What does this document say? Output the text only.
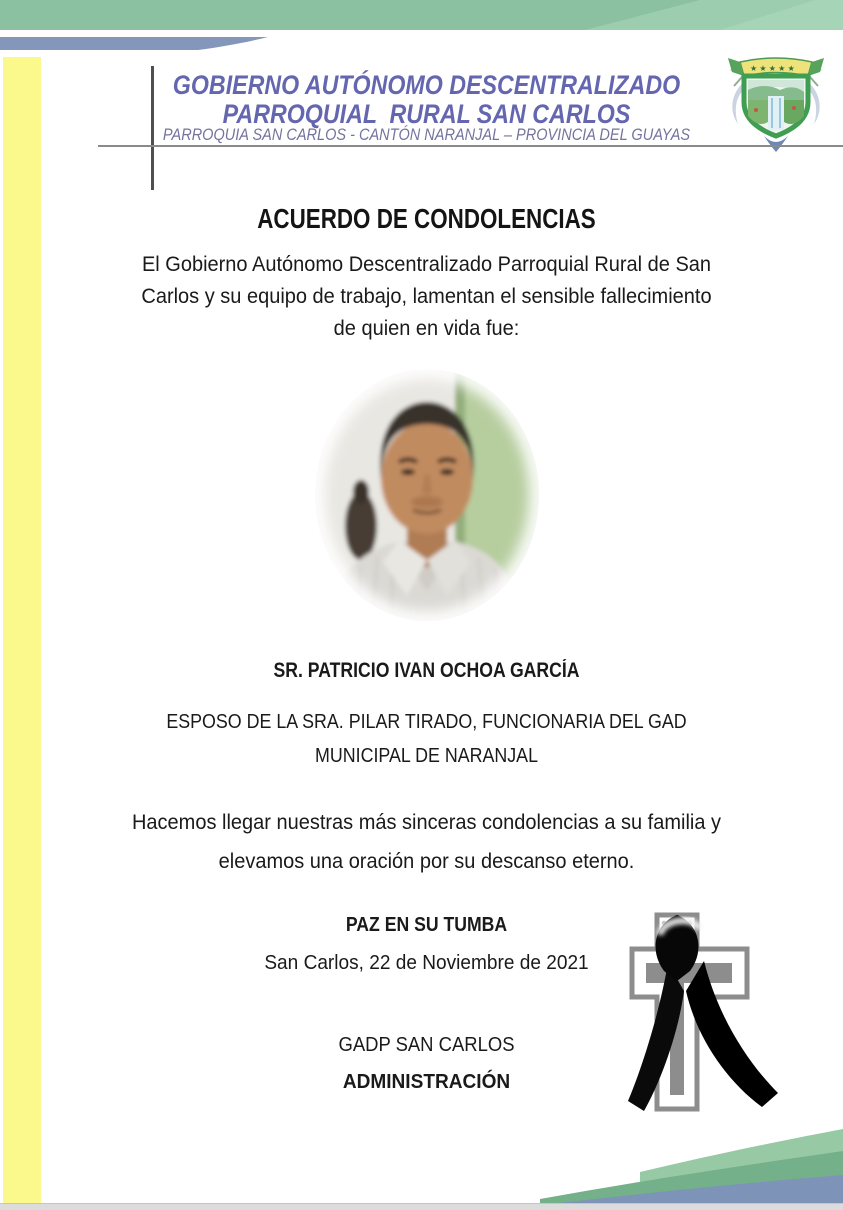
★ ★ ★ ★ ★
GOBIERNO AUTÓNOMO DESCENTRALIZADO
PARROQUIAL  RURAL SAN CARLOS
PARROQUIA SAN CARLOS - CANTÓN NARANJAL – PROVINCIA DEL GUAYAS
ACUERDO DE CONDOLENCIAS
El Gobierno Autónomo Descentralizado Parroquial Rural de San
Carlos y su equipo de trabajo, lamentan el sensible fallecimiento
de quien en vida fue:
SR. PATRICIO IVAN OCHOA GARCÍA
ESPOSO DE LA SRA. PILAR TIRADO, FUNCIONARIA DEL GAD
MUNICIPAL DE NARANJAL
Hacemos llegar nuestras más sinceras condolencias a su familia y
elevamos una oración por su descanso eterno.
PAZ EN SU TUMBA
San Carlos, 22 de Noviembre de 2021
GADP SAN CARLOS
ADMINISTRACIÓN
